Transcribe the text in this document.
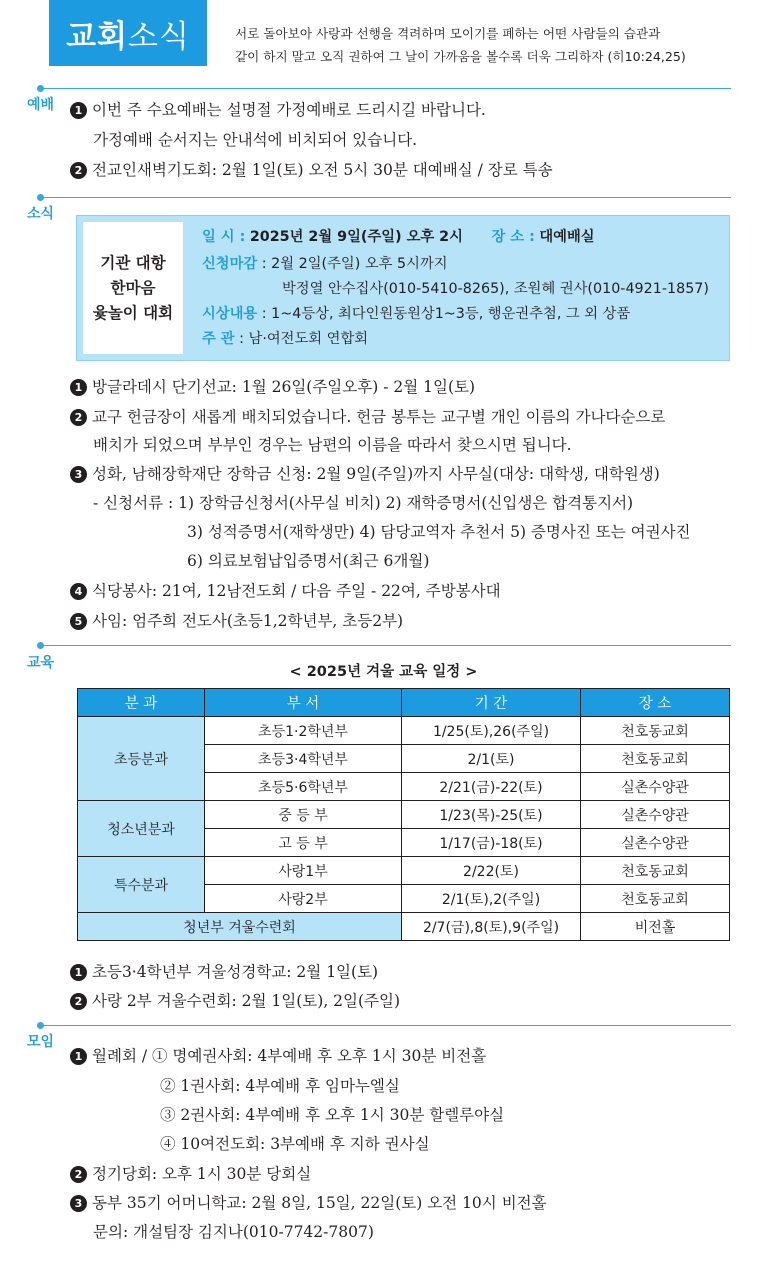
교회 소식	서로 돌아보아 사랑과 선행을 격려하며 모이기를 폐하는 어떤 사람들의 습관과
같이 하지 말고 오직 권하여 그 날이 가까움을 볼수록 더욱 그리하자 (히10:24,25)
예배	1 이번 주 수요예배는 설명절 가정예배로 드리시길 바랍니다.
가정예배 순서지는 안내석에 비치되어 있습니다.
2 전교인새벽기도회: 2월 1일(토) 오전 5시 30분 대예배실 / 장로 특송
소식
기관 대항
한마음
윷놀이 대회
일 시 : 2025년 2월 9일(주일) 오후 2시 장 소 : 대예배실
신청마감 : 2월 2일(주일) 오후 5시까지
박정열 안수집사(010-5410-8265), 조원혜 권사(010-4921-1857)
시상내용 : 1~4등상, 최다인원동원상1~3등, 행운권추첨, 그 외 상품
주 관 : 남·여전도회 연합회
1 방글라데시 단기선교: 1월 26일(주일오후) - 2월 1일(토)
2 교구 헌금장이 새롭게 배치되었습니다. 헌금 봉투는 교구별 개인 이름의 가나다순으로
배치가 되었으며 부부인 경우는 남편의 이름을 따라서 찾으시면 됩니다.
3 성화, 남해장학재단 장학금 신청: 2월 9일(주일)까지 사무실(대상: 대학생, 대학원생)
- 신청서류 : 1) 장학금신청서(사무실 비치) 2) 재학증명서(신입생은 합격통지서)
3) 성적증명서(재학생만) 4) 담당교역자 추천서 5) 증명사진 또는 여권사진
6) 의료보험납입증명서(최근 6개월)
4 식당봉사: 21여, 12남전도회 / 다음 주일 - 22여, 주방봉사대
5 사임: 엄주희 전도사(초등1,2학년부, 초등2부)
교육
< 2025년 겨울 교육 일정 >
분 과	부 서	기 간	장 소
초등분과	초등1·2학년부	1/25(토),26(주일)	천호동교회
	초등3·4학년부	2/1(토)	천호동교회
	초등5·6학년부	2/21(금)-22(토)	실촌수양관
청소년분과	중 등 부	1/23(목)-25(토)	실촌수양관
	고 등 부	1/17(금)-18(토)	실촌수양관
특수분과	사랑1부	2/22(토)	천호동교회
	사랑2부	2/1(토),2(주일)	천호동교회
청년부 겨울수련회		2/7(금),8(토),9(주일)	비전홀
1 초등3·4학년부 겨울성경학교: 2월 1일(토)
2 사랑 2부 겨울수련회: 2월 1일(토), 2일(주일)
모임
1 월례회 / ① 명예권사회: 4부예배 후 오후 1시 30분 비전홀
② 1권사회: 4부예배 후 임마누엘실
③ 2권사회: 4부예배 후 오후 1시 30분 할렐루야실
④ 10여전도회: 3부예배 후 지하 권사실
2 정기당회: 오후 1시 30분 당회실
3 동부 35기 어머니학교: 2월 8일, 15일, 22일(토) 오전 10시 비전홀
문의: 개설팀장 김지나(010-7742-7807)
